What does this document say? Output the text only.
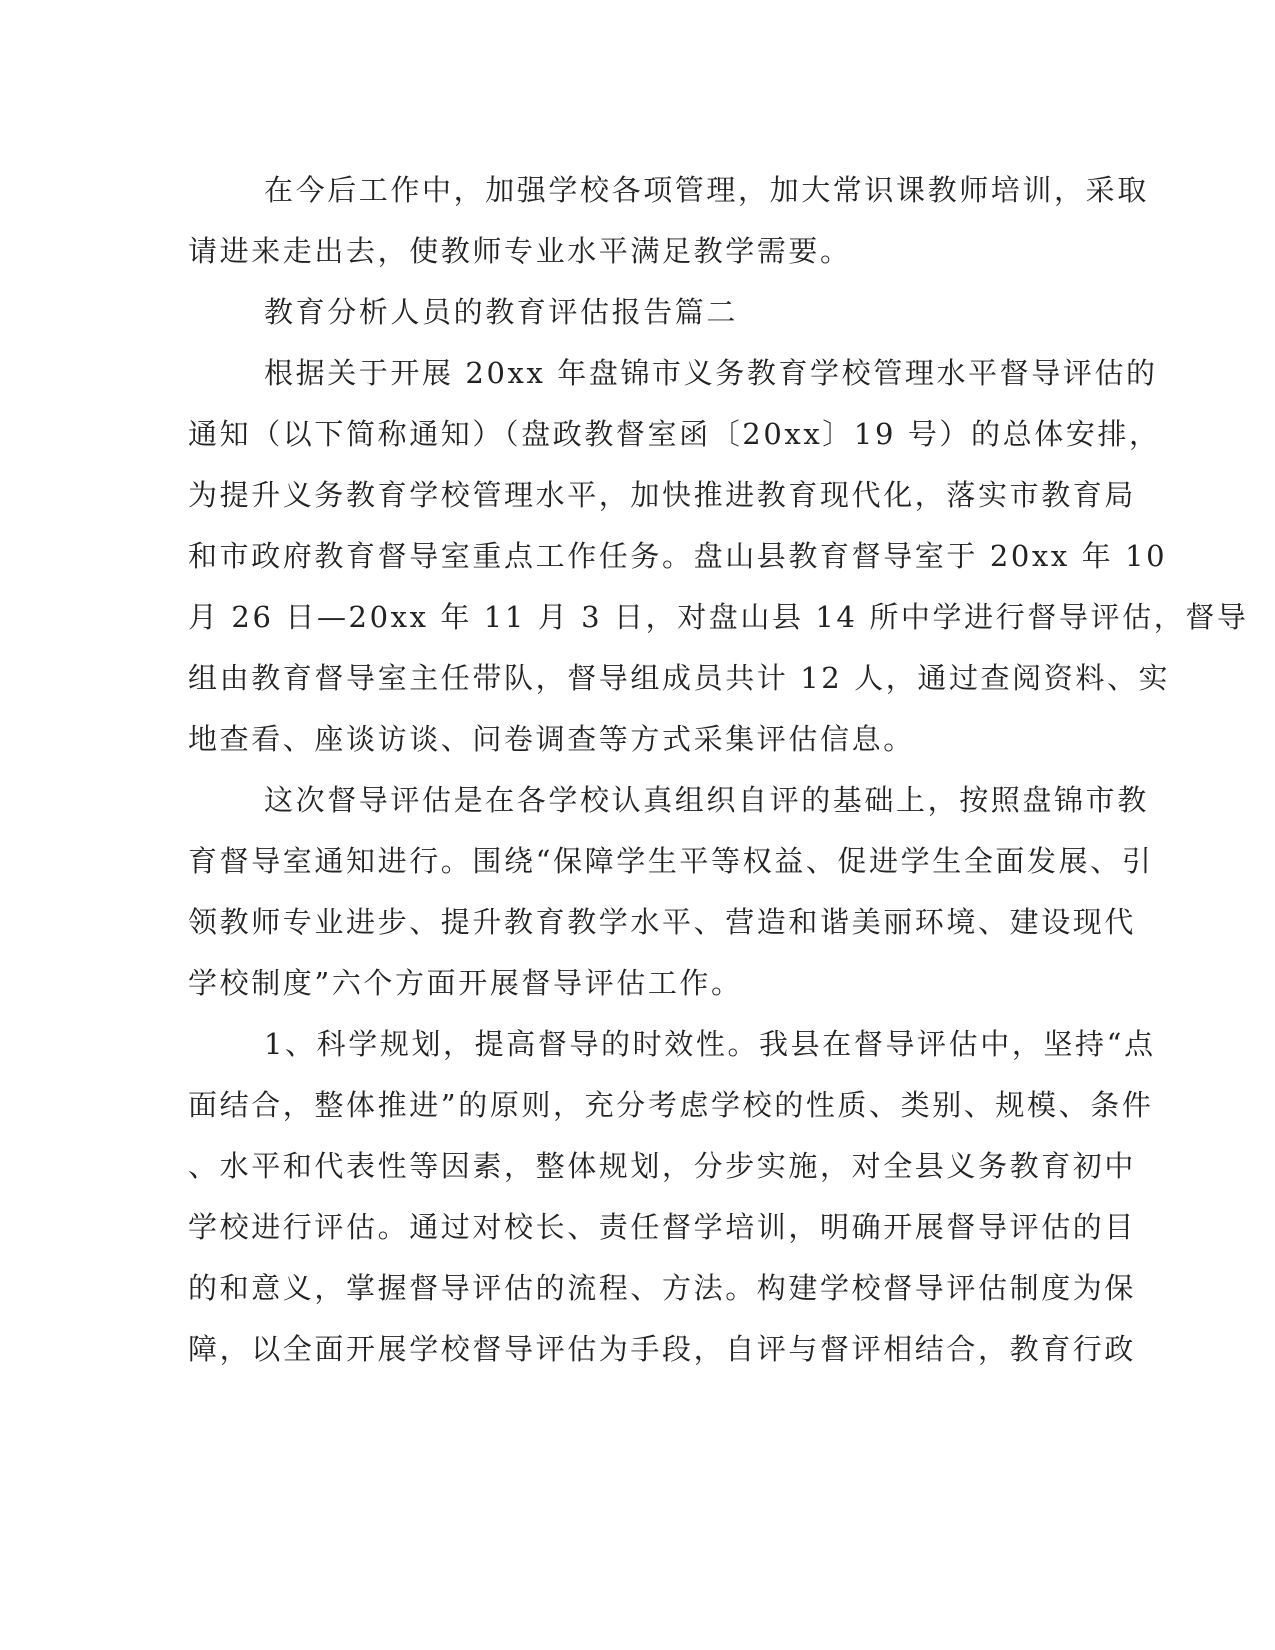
在今后工作中，加强学校各项管理，加大常识课教师培训，采取
请进来走出去，使教师专业水平满足教学需要。
教育分析人员的教育评估报告篇二
根据关于开展 20xx 年盘锦市义务教育学校管理水平督导评估的
通知（以下简称通知）（盘政教督室函〔20xx〕19 号）的总体安排，
为提升义务教育学校管理水平，加快推进教育现代化，落实市教育局
和市政府教育督导室重点工作任务。盘山县教育督导室于 20xx 年 10
月 26 日—20xx 年 11 月 3 日，对盘山县 14 所中学进行督导评估，督导
组由教育督导室主任带队，督导组成员共计 12 人，通过查阅资料、实
地查看、座谈访谈、问卷调查等方式采集评估信息。
这次督导评估是在各学校认真组织自评的基础上，按照盘锦市教
育督导室通知进行。围绕“保障学生平等权益、促进学生全面发展、引
领教师专业进步、提升教育教学水平、营造和谐美丽环境、建设现代
学校制度”六个方面开展督导评估工作。
1、科学规划，提高督导的时效性。我县在督导评估中，坚持“点
面结合，整体推进”的原则，充分考虑学校的性质、类别、规模、条件
、水平和代表性等因素，整体规划，分步实施，对全县义务教育初中
学校进行评估。通过对校长、责任督学培训，明确开展督导评估的目
的和意义，掌握督导评估的流程、方法。构建学校督导评估制度为保
障，以全面开展学校督导评估为手段，自评与督评相结合，教育行政
